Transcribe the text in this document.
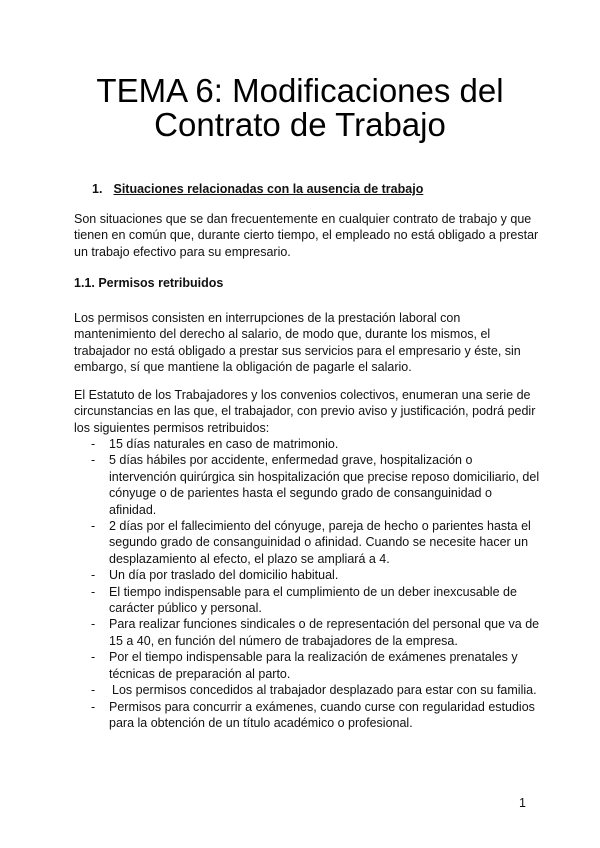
TEMA 6: Modificaciones del
Contrato de Trabajo
1. Situaciones relacionadas con la ausencia de trabajo
Son situaciones que se dan frecuentemente en cualquier contrato de trabajo y que
tienen en común que, durante cierto tiempo, el empleado no está obligado a prestar
un trabajo efectivo para su empresario.
1.1. Permisos retribuidos
Los permisos consisten en interrupciones de la prestación laboral con
mantenimiento del derecho al salario, de modo que, durante los mismos, el
trabajador no está obligado a prestar sus servicios para el empresario y éste, sin
embargo, sí que mantiene la obligación de pagarle el salario.
El Estatuto de los Trabajadores y los convenios colectivos, enumeran una serie de
circunstancias en las que, el trabajador, con previo aviso y justificación, podrá pedir
los siguientes permisos retribuidos:
- 15 días naturales en caso de matrimonio.
- 5 días hábiles por accidente, enfermedad grave, hospitalización o
intervención quirúrgica sin hospitalización que precise reposo domiciliario, del
cónyuge o de parientes hasta el segundo grado de consanguinidad o
afinidad.
- 2 días por el fallecimiento del cónyuge, pareja de hecho o parientes hasta el
segundo grado de consanguinidad o afinidad. Cuando se necesite hacer un
desplazamiento al efecto, el plazo se ampliará a 4.
- Un día por traslado del domicilio habitual.
- El tiempo indispensable para el cumplimiento de un deber inexcusable de
carácter público y personal.
- Para realizar funciones sindicales o de representación del personal que va de
15 a 40, en función del número de trabajadores de la empresa.
- Por el tiempo indispensable para la realización de exámenes prenatales y
técnicas de preparación al parto.
- Los permisos concedidos al trabajador desplazado para estar con su familia.
- Permisos para concurrir a exámenes, cuando curse con regularidad estudios
para la obtención de un título académico o profesional.
1
